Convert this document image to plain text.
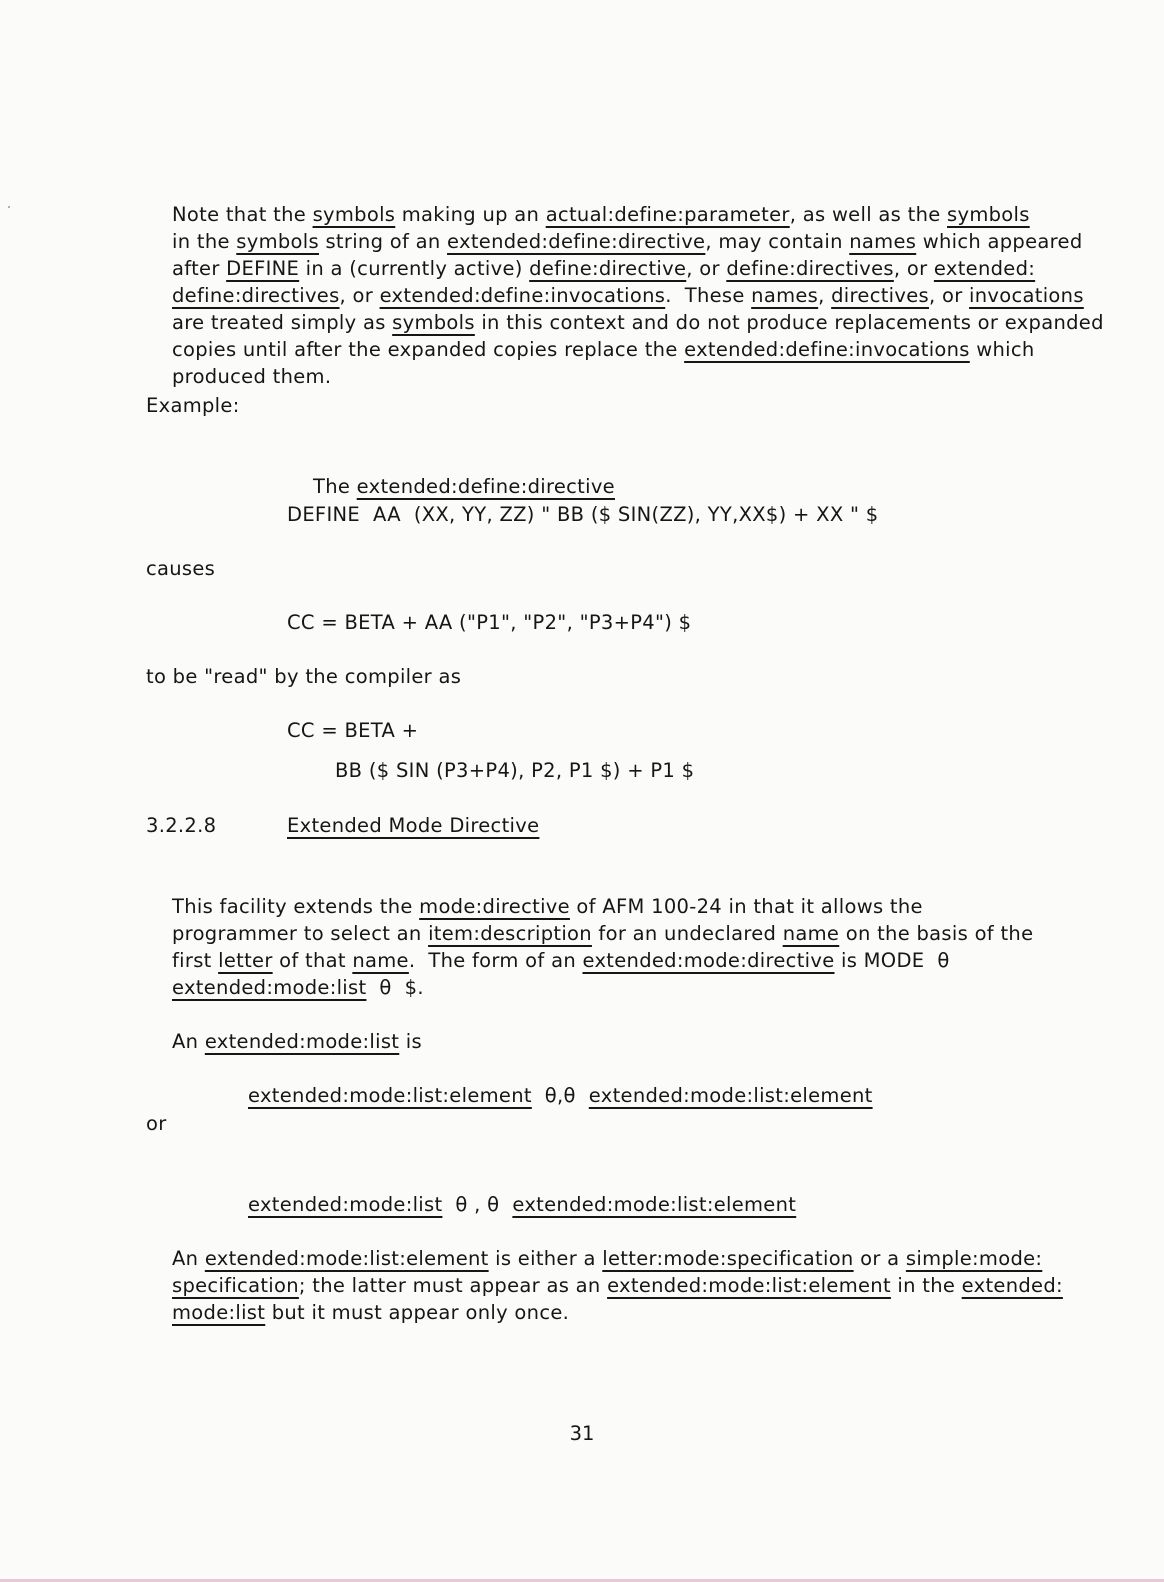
Note that the symbols making up an actual:define:parameter, as well as the symbols

in the symbols string of an extended:define:directive, may contain names which appeared

after DEFINE in a (currently active) define:directive, or define:directives, or extended:

define:directives, or extended:define:invocations.  These names, directives, or invocations

are treated simply as symbols in this context and do not produce replacements or expanded

copies until after the expanded copies replace the extended:define:invocations which

produced them.

Example:

The extended:define:directive

DEFINE  AA  (XX, YY, ZZ) " BB ($ SIN(ZZ), YY,XX$) + XX " $
causes
CC = BETA + AA ("P1", "P2", "P3+P4") $
to be "read" by the compiler as
CC = BETA +
BB ($ SIN (P3+P4), P2, P1 $) + P1 $
3.2.2.8	Extended Mode Directive

This facility extends the mode:directive of AFM 100-24 in that it allows the

programmer to select an item:description for an undeclared name on the basis of the

first letter of that name.  The form of an extended:mode:directive is MODE  θ

extended:mode:list  θ  $.

An extended:mode:list is

extended:mode:list:element  θ,θ  extended:mode:list:element

or

extended:mode:list  θ , θ  extended:mode:list:element

An extended:mode:list:element is either a letter:mode:specification or a simple:mode:

specification; the latter must appear as an extended:mode:list:element in the extended:

mode:list but it must appear only once.

31
